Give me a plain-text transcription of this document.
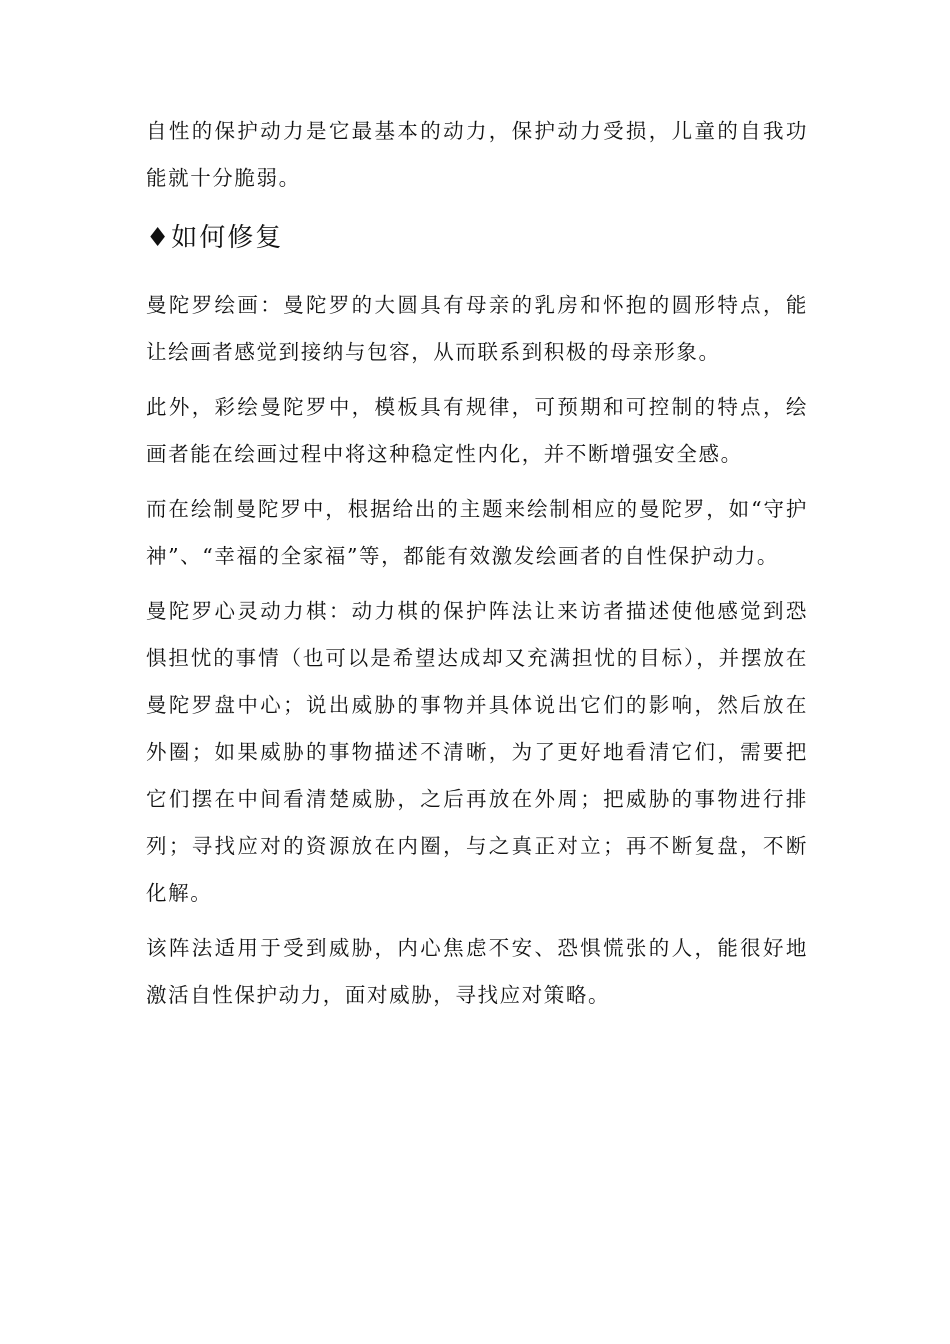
自性的保护动力是它最基本的动力，保护动力受损，儿童的自我功能就十分脆弱。

♦如何修复

曼陀罗绘画：曼陀罗的大圆具有母亲的乳房和怀抱的圆形特点，能让绘画者感觉到接纳与包容，从而联系到积极的母亲形象。

此外，彩绘曼陀罗中，模板具有规律，可预期和可控制的特点，绘画者能在绘画过程中将这种稳定性内化，并不断增强安全感。

而在绘制曼陀罗中，根据给出的主题来绘制相应的曼陀罗，如“守护神”、“幸福的全家福”等，都能有效激发绘画者的自性保护动力。

曼陀罗心灵动力棋：动力棋的保护阵法让来访者描述使他感觉到恐惧担忧的事情（也可以是希望达成却又充满担忧的目标），并摆放在曼陀罗盘中心；说出威胁的事物并具体说出它们的影响，然后放在外圈；如果威胁的事物描述不清晰，为了更好地看清它们，需要把它们摆在中间看清楚威胁，之后再放在外周；把威胁的事物进行排列；寻找应对的资源放在内圈，与之真正对立；再不断复盘，不断化解。

该阵法适用于受到威胁，内心焦虑不安、恐惧慌张的人，能很好地激活自性保护动力，面对威胁，寻找应对策略。
